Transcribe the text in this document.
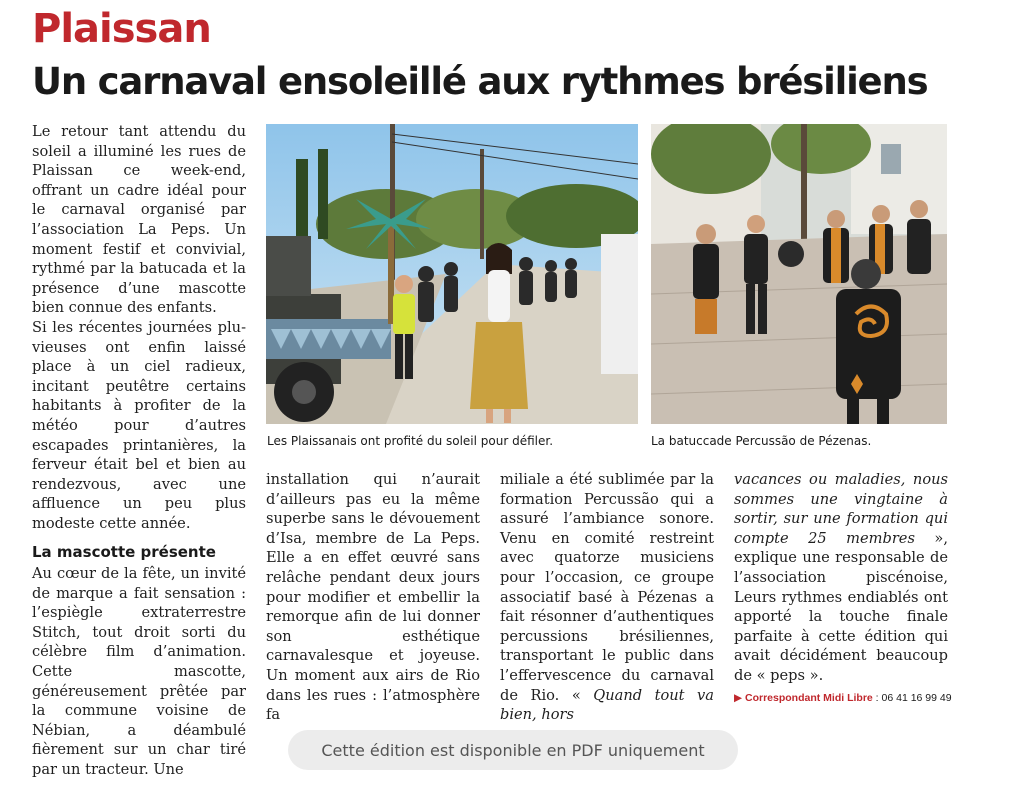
Plaissan
Un carnaval ensoleillé aux rythmes brésiliens

Le retour tant attendu du soleil a illuminé les rues de Plaissan ce week-end, offrant un cadre idéal pour le carnaval organisé par l’association La Peps. Un moment festif et convivial, rythmé par la batucada et la présence d’une mascotte bien connue des enfants.

Si les récentes journées pluvieuses ont enfin laissé place à un ciel radieux, incitant peutêtre certains habitants à profiter de la météo pour d’autres escapades printanières, la ferveur était bel et bien au rendezvous, avec une affluence un peu plus modeste cette année.

La mascotte présente

Au cœur de la fête, un invité de marque a fait sensation : l’espiègle extraterrestre Stitch, tout droit sorti du célèbre film d’animation. Cette mascotte, généreusement prêtée par la commune voisine de Nébian, a déambulé fièrement sur un char tiré par un tracteur. Une

Les Plaissanais ont profité du soleil pour défiler.	La batuccade Percussão de Pézenas.

installation qui n’aurait d’ailleurs pas eu la même superbe sans le dévouement d’Isa, membre de La Peps. Elle a en effet œuvré sans relâche pendant deux jours pour modifier et embellir la remorque afin de lui donner son esthétique carnavalesque et joyeuse. Un moment aux airs de Rio dans les rues : l’atmosphère fa

miliale a été sublimée par la formation Percussão qui a assuré l’ambiance sonore. Venu en comité restreint avec quatorze musiciens pour l’occasion, ce groupe associatif basé à Pézenas a fait résonner d’authentiques percussions brésiliennes, transportant le public dans l’effervescence du carnaval de Rio. « Quand tout va bien, hors

vacances ou maladies, nous sommes une vingtaine à sortir, sur une formation qui compte 25 membres », explique une responsable de l’association piscénoise, Leurs rythmes endiablés ont apporté la touche finale parfaite à cette édition qui avait décidément beaucoup de « peps ».

▶ Correspondant Midi Libre : 06 41 16 99 49
Cette édition est disponible en PDF uniquement
